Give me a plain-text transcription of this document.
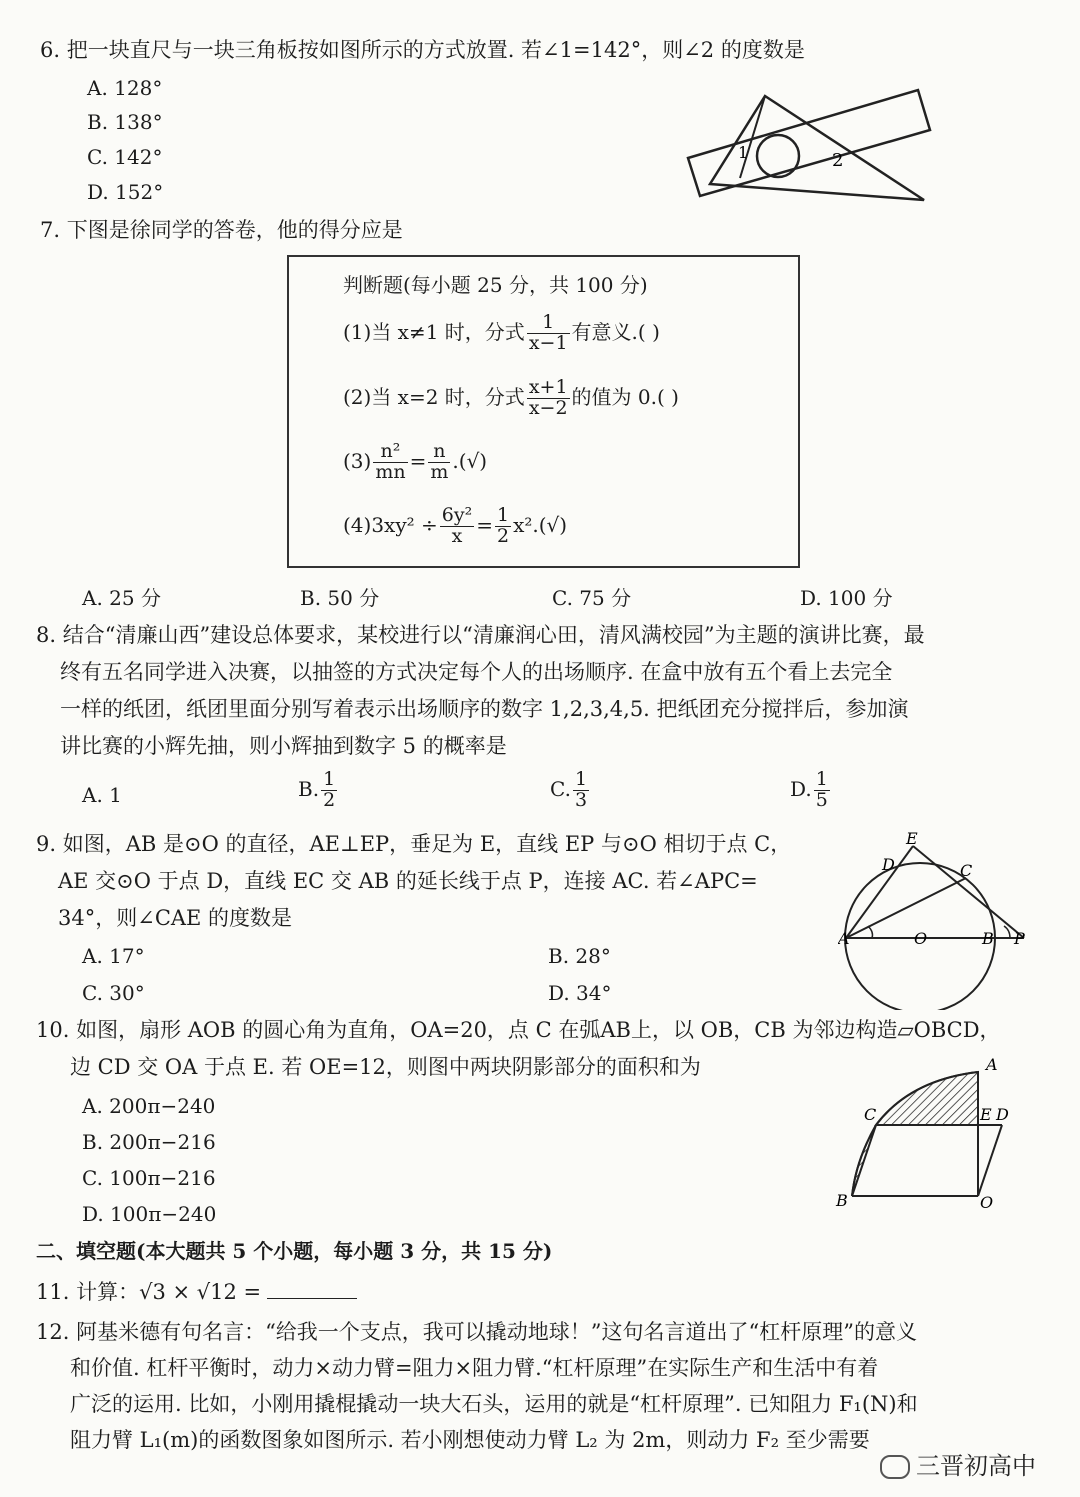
6. 把一块直尺与一块三角板按如图所示的方式放置. 若∠1=142°，则∠2 的度数是
A. 128°
B. 138°
C. 142°
D. 152°
1	2
7. 下图是徐同学的答卷，他的得分应是
判断题(每小题 25 分，共 100 分)
(1)当 x≠1 时，分式 $\frac{1}{x-1}$ 有意义.( )
(2)当 x=2 时，分式 $\frac{x+1}{x-2}$ 的值为 0.( )
$(3) \frac{\text{n²}}{mn} = \frac{n}{m}$ .(√)
$(4)3xy^2 \div \frac{\text{6y²}}{x} = \frac{1}{2} x^2.(√)$
A. 25 分	B. 50 分	C. 75 分	D. 100 分
8. 结合“清廉山西”建设总体要求，某校进行以“清廉润心田，清风满校园”为主题的演讲比赛，最
终有五名同学进入决赛，以抽签的方式决定每个人的出场顺序. 在盒中放有五个看上去完全
一样的纸团，纸团里面分别写着表示出场顺序的数字 1,2,3,4,5. 把纸团充分搅拌后，参加演
讲比赛的小辉先抽，则小辉抽到数字 5 的概率是
A. 1	B. $\frac{1}{2}$	C. $\frac{1}{3}$	D. $\frac{1}{5}$
9. 如图，AB 是⊙O 的直径，AE⊥EP，垂足为 E，直线 EP 与⊙O 相切于点 C，
AE 交⊙O 于点 D，直线 EC 交 AB 的延长线于点 P，连接 AC. 若∠APC=
34°，则∠CAE 的度数是
A. 17°	B. 28°
C. 30°	D. 34°
E
D	C
A	O	B P
10. 如图，扇形 AOB 的圆心角为直角，OA=20，点 C 在弧AB上，以 OB，CB 为邻边构造▱OBCD，
边 CD 交 OA 于点 E. 若 OE=12，则图中两块阴影部分的面积和为
A. 200π−240
B. 200π−216
C. 100π−216
D. 100π−240
A
C	E D
B	O
二、填空题(本大题共 5 个小题，每小题 3 分，共 15 分)
11. 计算：√3 × √12 =
12. 阿基米德有句名言：“给我一个支点，我可以撬动地球！”这句名言道出了“杠杆原理”的意义
和价值. 杠杆平衡时，动力×动力臂=阻力×阻力臂.“杠杆原理”在实际生产和生活中有着
广泛的运用. 比如，小刚用撬棍撬动一块大石头，运用的就是“杠杆原理”. 已知阻力 F₁(N)和
阻力臂 L₁(m)的函数图象如图所示. 若小刚想使动力臂 L₂ 为 2m，则动力 F₂ 至少需要
三晋初高中
